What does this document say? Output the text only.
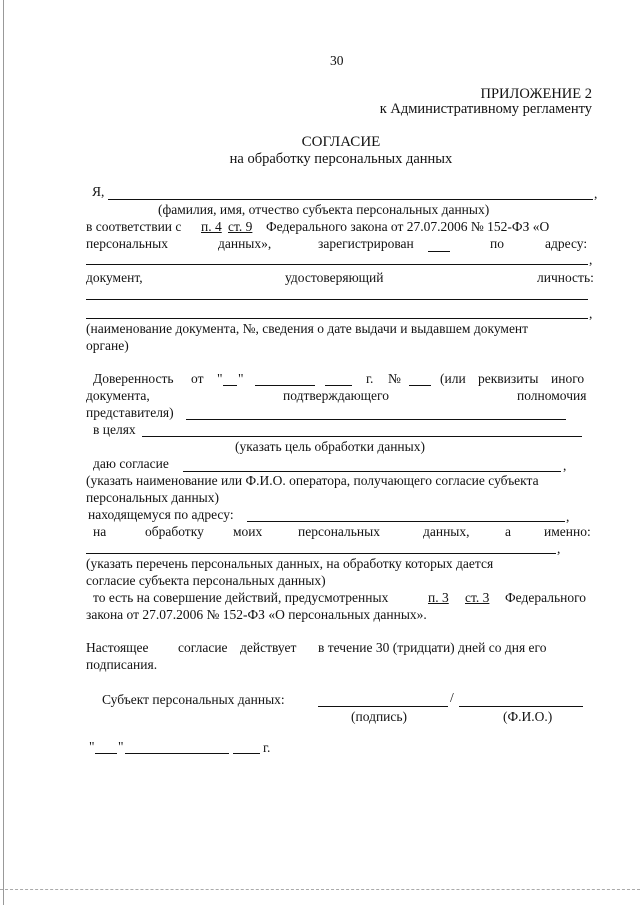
30
ПРИЛОЖЕНИЕ 2
к Административному регламенту
СОГЛАСИЕ
на обработку персональных данных
Я,	,
(фамилия, имя, отчество субъекта персональных данных)
в соответствии с п. 4 ст. 9 Федерального закона от 27.07.2006 № 152-ФЗ «О
персональных	данных»,	зарегистрирован	по	адресу:
,
документ,	удостоверяющий	личность:
,
(наименование документа, №, сведения о дате выдачи и выдавшем документ
органе)
Доверенность от " "	г. №	(или реквизиты иного
документа,	подтверждающего	полномочия
представителя)
в целях
(указать цель обработки данных)
даю согласие	,
(указать наименование или Ф.И.О. оператора, получающего согласие субъекта
персональных данных)
находящемуся по адресу:	,
на	обработку моих	персональных	данных,	а именно:
,
(указать перечень персональных данных, на обработку которых дается
согласие субъекта персональных данных)
то есть на совершение действий, предусмотренных	п. 3 ст. 3 Федерального
закона от 27.07.2006 № 152-ФЗ «О персональных данных».
Настоящее согласие действует в течение 30 (тридцати) дней со дня его
подписания.
Субъект персональных данных:	/
(подпись)	(Ф.И.О.)
" "	г.
